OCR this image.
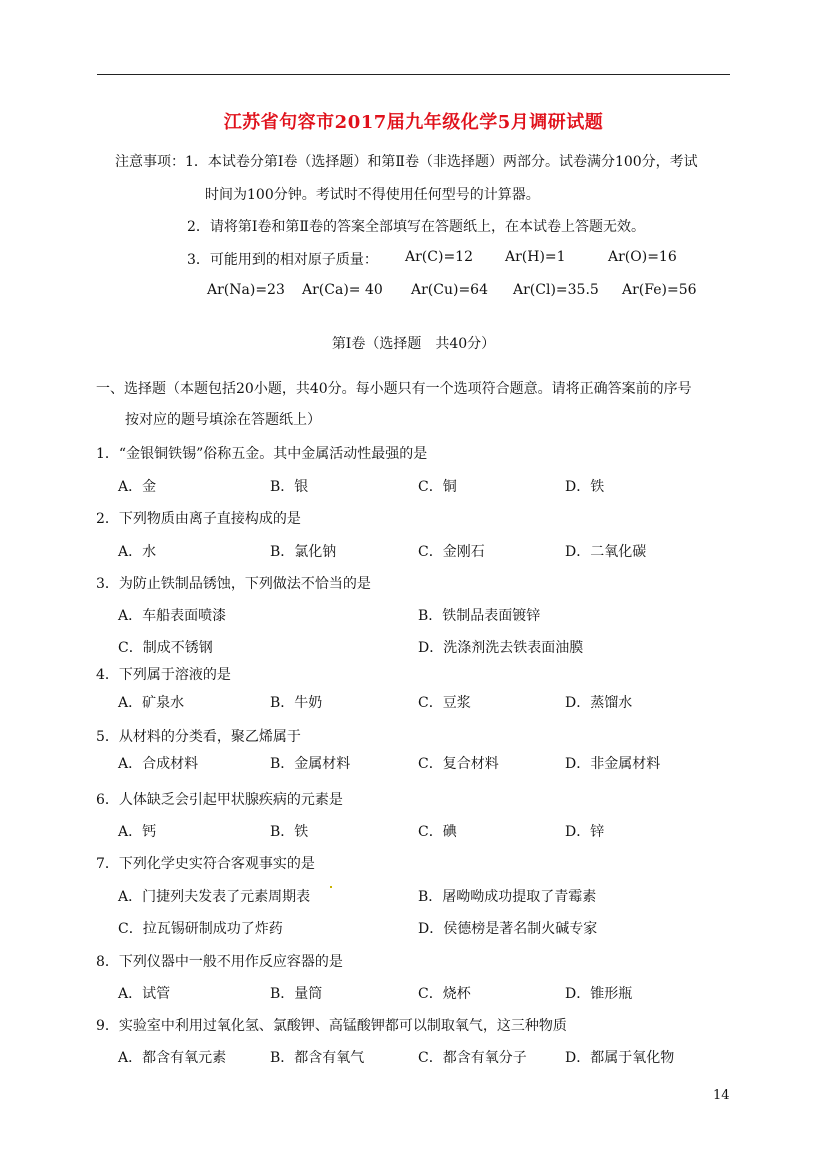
江苏省句容市2017届九年级化学5月调研试题
注意事项：1．本试卷分第Ⅰ卷（选择题）和第Ⅱ卷（非选择题）两部分。试卷满分100分，考试
时间为100分钟。考试时不得使用任何型号的计算器。
2．请将第Ⅰ卷和第Ⅱ卷的答案全部填写在答题纸上，在本试卷上答题无效。
3．可能用到的相对原子质量： Ar(C)=12 Ar(H)=1	Ar(O)=16
Ar(Na)=23 Ar(Ca)= 40 Ar(Cu)=64 Ar(Cl)=35.5 Ar(Fe)=56
第Ⅰ卷（选择题　共40分）
一、选择题（本题包括20小题，共40分。每小题只有一个选项符合题意。请将正确答案前的序号
按对应的题号填涂在答题纸上）
1．“金银铜铁锡”俗称五金。其中金属活动性最强的是
A．金	B．银	C．铜	D．铁
2．下列物质由离子直接构成的是
A．水	B．氯化钠	C．金刚石	D．二氧化碳
3．为防止铁制品锈蚀，下列做法不恰当的是
A．车船表面喷漆	B．铁制品表面镀锌
C．制成不锈钢	D．洗涤剂洗去铁表面油膜
4．下列属于溶液的是
A．矿泉水	B．牛奶	C．豆浆	D．蒸馏水
5．从材料的分类看，聚乙烯属于
A．合成材料	B．金属材料	C．复合材料	D．非金属材料
6．人体缺乏会引起甲状腺疾病的元素是
A．钙	B．铁	C．碘	D．锌
7．下列化学史实符合客观事实的是
A．门捷列夫发表了元素周期表	B．屠呦呦成功提取了青霉素
C．拉瓦锡研制成功了炸药	D．侯德榜是著名制火碱专家
8．下列仪器中一般不用作反应容器的是
A．试管	B．量筒	C．烧杯	D．锥形瓶
9．实验室中利用过氧化氢、氯酸钾、高锰酸钾都可以制取氧气，这三种物质
A．都含有氧元素	B．都含有氧气	C．都含有氧分子	D．都属于氧化物
14
